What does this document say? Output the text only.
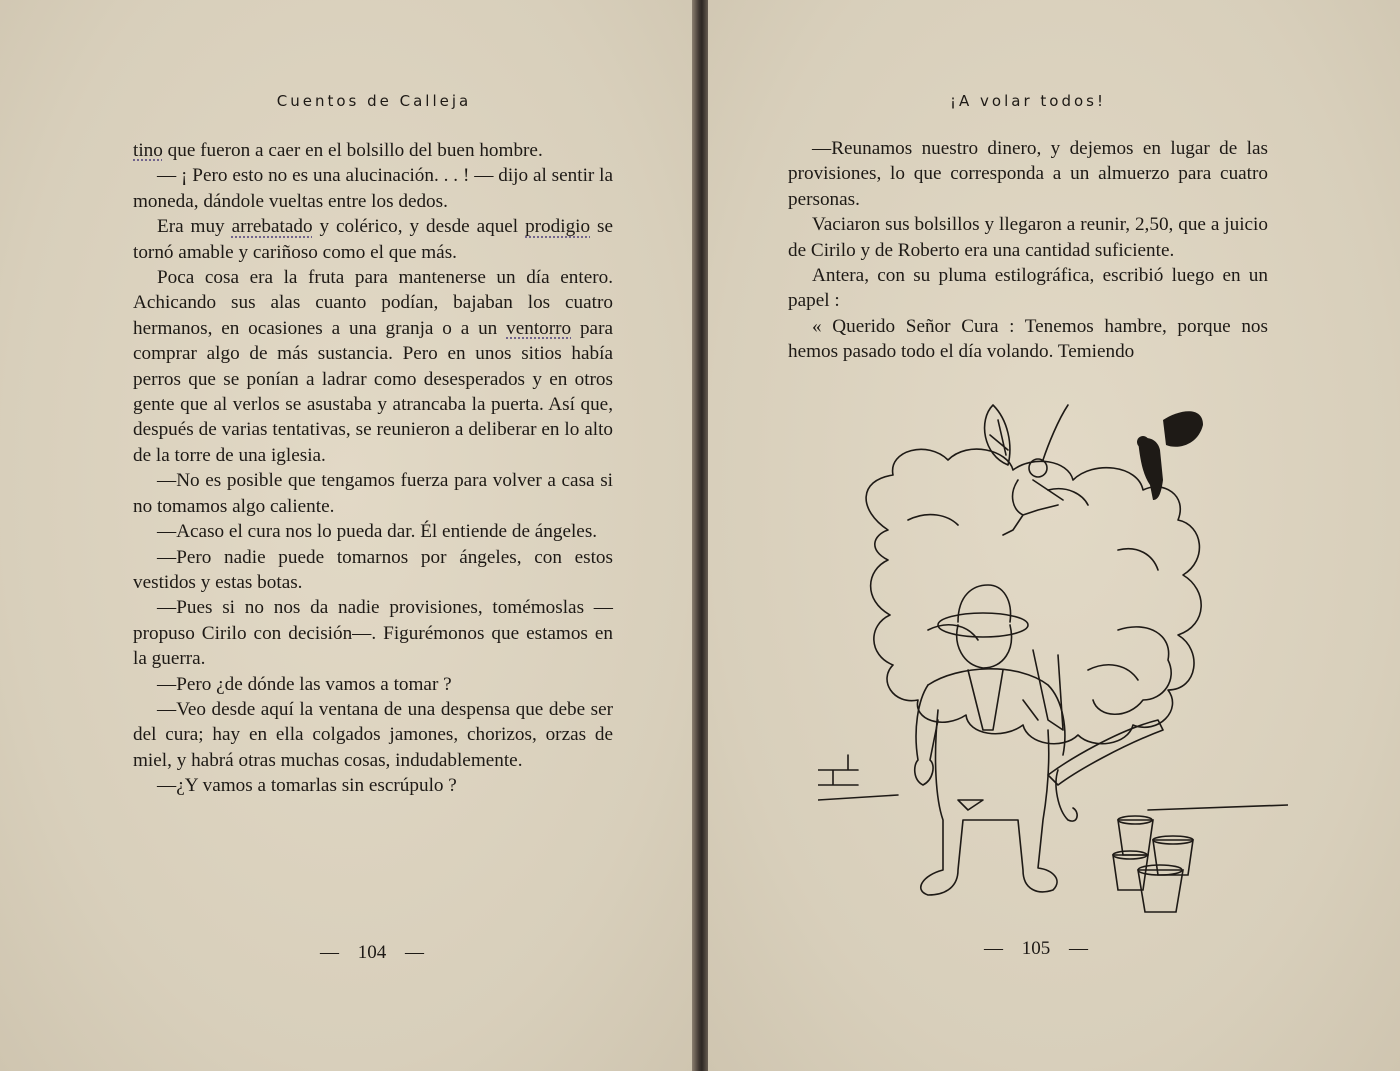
Cuentos de Calleja

tino que fueron a caer en el bolsillo del buen hombre.

— ¡ Pero esto no es una alucinación. . . ! — dijo al sentir la moneda, dándole vueltas entre los dedos.

Era muy arrebatado y colérico, y desde aquel prodigio se tornó amable y cariñoso como el que más.

Poca cosa era la fruta para mantenerse un día entero. Achicando sus alas cuanto podían, bajaban los cuatro hermanos, en ocasiones a una granja o a un ventorro para comprar algo de más sustancia. Pero en unos sitios había perros que se ponían a ladrar como desesperados y en otros gente que al verlos se asustaba y atrancaba la puerta. Así que, después de varias tentativas, se reunieron a deliberar en lo alto de la torre de una iglesia.

—No es posible que tengamos fuerza para volver a casa si no tomamos algo caliente.

—Acaso el cura nos lo pueda dar. Él entiende de ángeles.

—Pero nadie puede tomarnos por ángeles, con estos vestidos y estas botas.

—Pues si no nos da nadie provisiones, tomémoslas —propuso Cirilo con decisión—. Figurémonos que estamos en la guerra.

—Pero ¿de dónde las vamos a tomar ?

—Veo desde aquí la ventana de una despensa que debe ser del cura; hay en ella colgados jamones, chorizos, orzas de miel, y habrá otras muchas cosas, indudablemente.

—¿Y vamos a tomarlas sin escrúpulo ?

— 104 —
¡A volar todos!

—Reunamos nuestro dinero, y dejemos en lugar de las provisiones, lo que corresponda a un almuerzo para cuatro personas.

Vaciaron sus bolsillos y llegaron a reunir, 2,50, que a juicio de Cirilo y de Roberto era una cantidad suficiente.

Antera, con su pluma estilográfica, escribió luego en un papel :

« Querido Señor Cura : Tenemos hambre, porque nos hemos pasado todo el día volando. Temiendo

— 105 —
